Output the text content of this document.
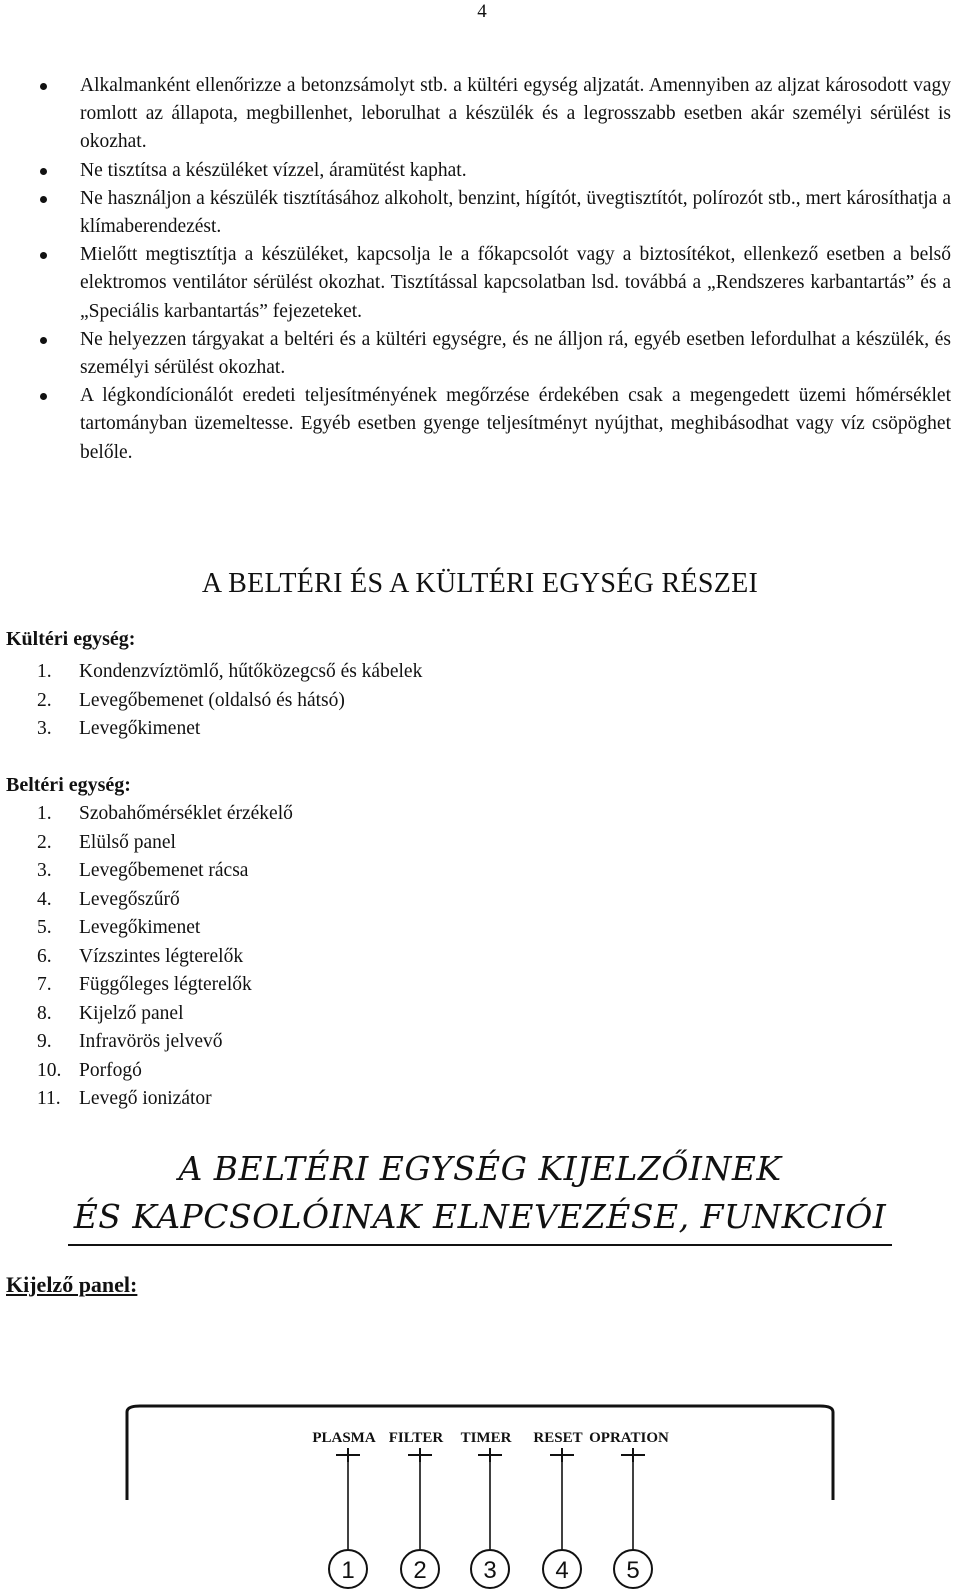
4
Alkalmanként ellenőrizze a betonzsámolyt stb. a kültéri egység aljzatát. Amennyiben az aljzat károsodott vagy romlott az állapota, megbillenhet, leborulhat a készülék és a legrosszabb esetben akár személyi sérülést is okozhat.
Ne tisztítsa a készüléket vízzel, áramütést kaphat.
Ne használjon a készülék tisztításához alkoholt, benzint, hígítót, üvegtisztítót, polírozót stb., mert károsíthatja a klímaberendezést.
Mielőtt megtisztítja a készüléket, kapcsolja le a főkapcsolót vagy a biztosítékot, ellenkező esetben a belső elektromos ventilátor sérülést okozhat. Tisztítással kapcsolatban lsd. továbbá a „Rendszeres karbantartás” és a „Speciális karbantartás” fejezeteket.
Ne helyezzen tárgyakat a beltéri és a kültéri egységre, és ne álljon rá, egyéb esetben lefordulhat a készülék, és személyi sérülést okozhat.
A légkondícionálót eredeti teljesítményének megőrzése érdekében csak a megengedett üzemi hőmérséklet tartományban üzemeltesse. Egyéb esetben gyenge teljesítményt nyújthat, meghibásodhat vagy víz csöpöghet belőle.
A BELTÉRI ÉS A KÜLTÉRI EGYSÉG RÉSZEI
Kültéri egység:
1. Kondenzvíztömlő, hűtőközegcső és kábelek
2. Levegőbemenet (oldalsó és hátsó)
3. Levegőkimenet
Beltéri egység:
1. Szobahőmérséklet érzékelő
2. Elülső panel
3. Levegőbemenet rácsa
4. Levegőszűrő
5. Levegőkimenet
6. Vízszintes légterelők
7. Függőleges légterelők
8. Kijelző panel
9. Infravörös jelvevő
10. Porfogó
11. Levegő ionizátor
A BELTÉRI EGYSÉG KIJELZŐINEK
ÉS KAPCSOLÓINAK ELNEVEZÉSE, FUNKCIÓI
Kijelző panel:
PLASMA
1
FILTER
2
TIMER
3
RESET
4
OPRATION
5
